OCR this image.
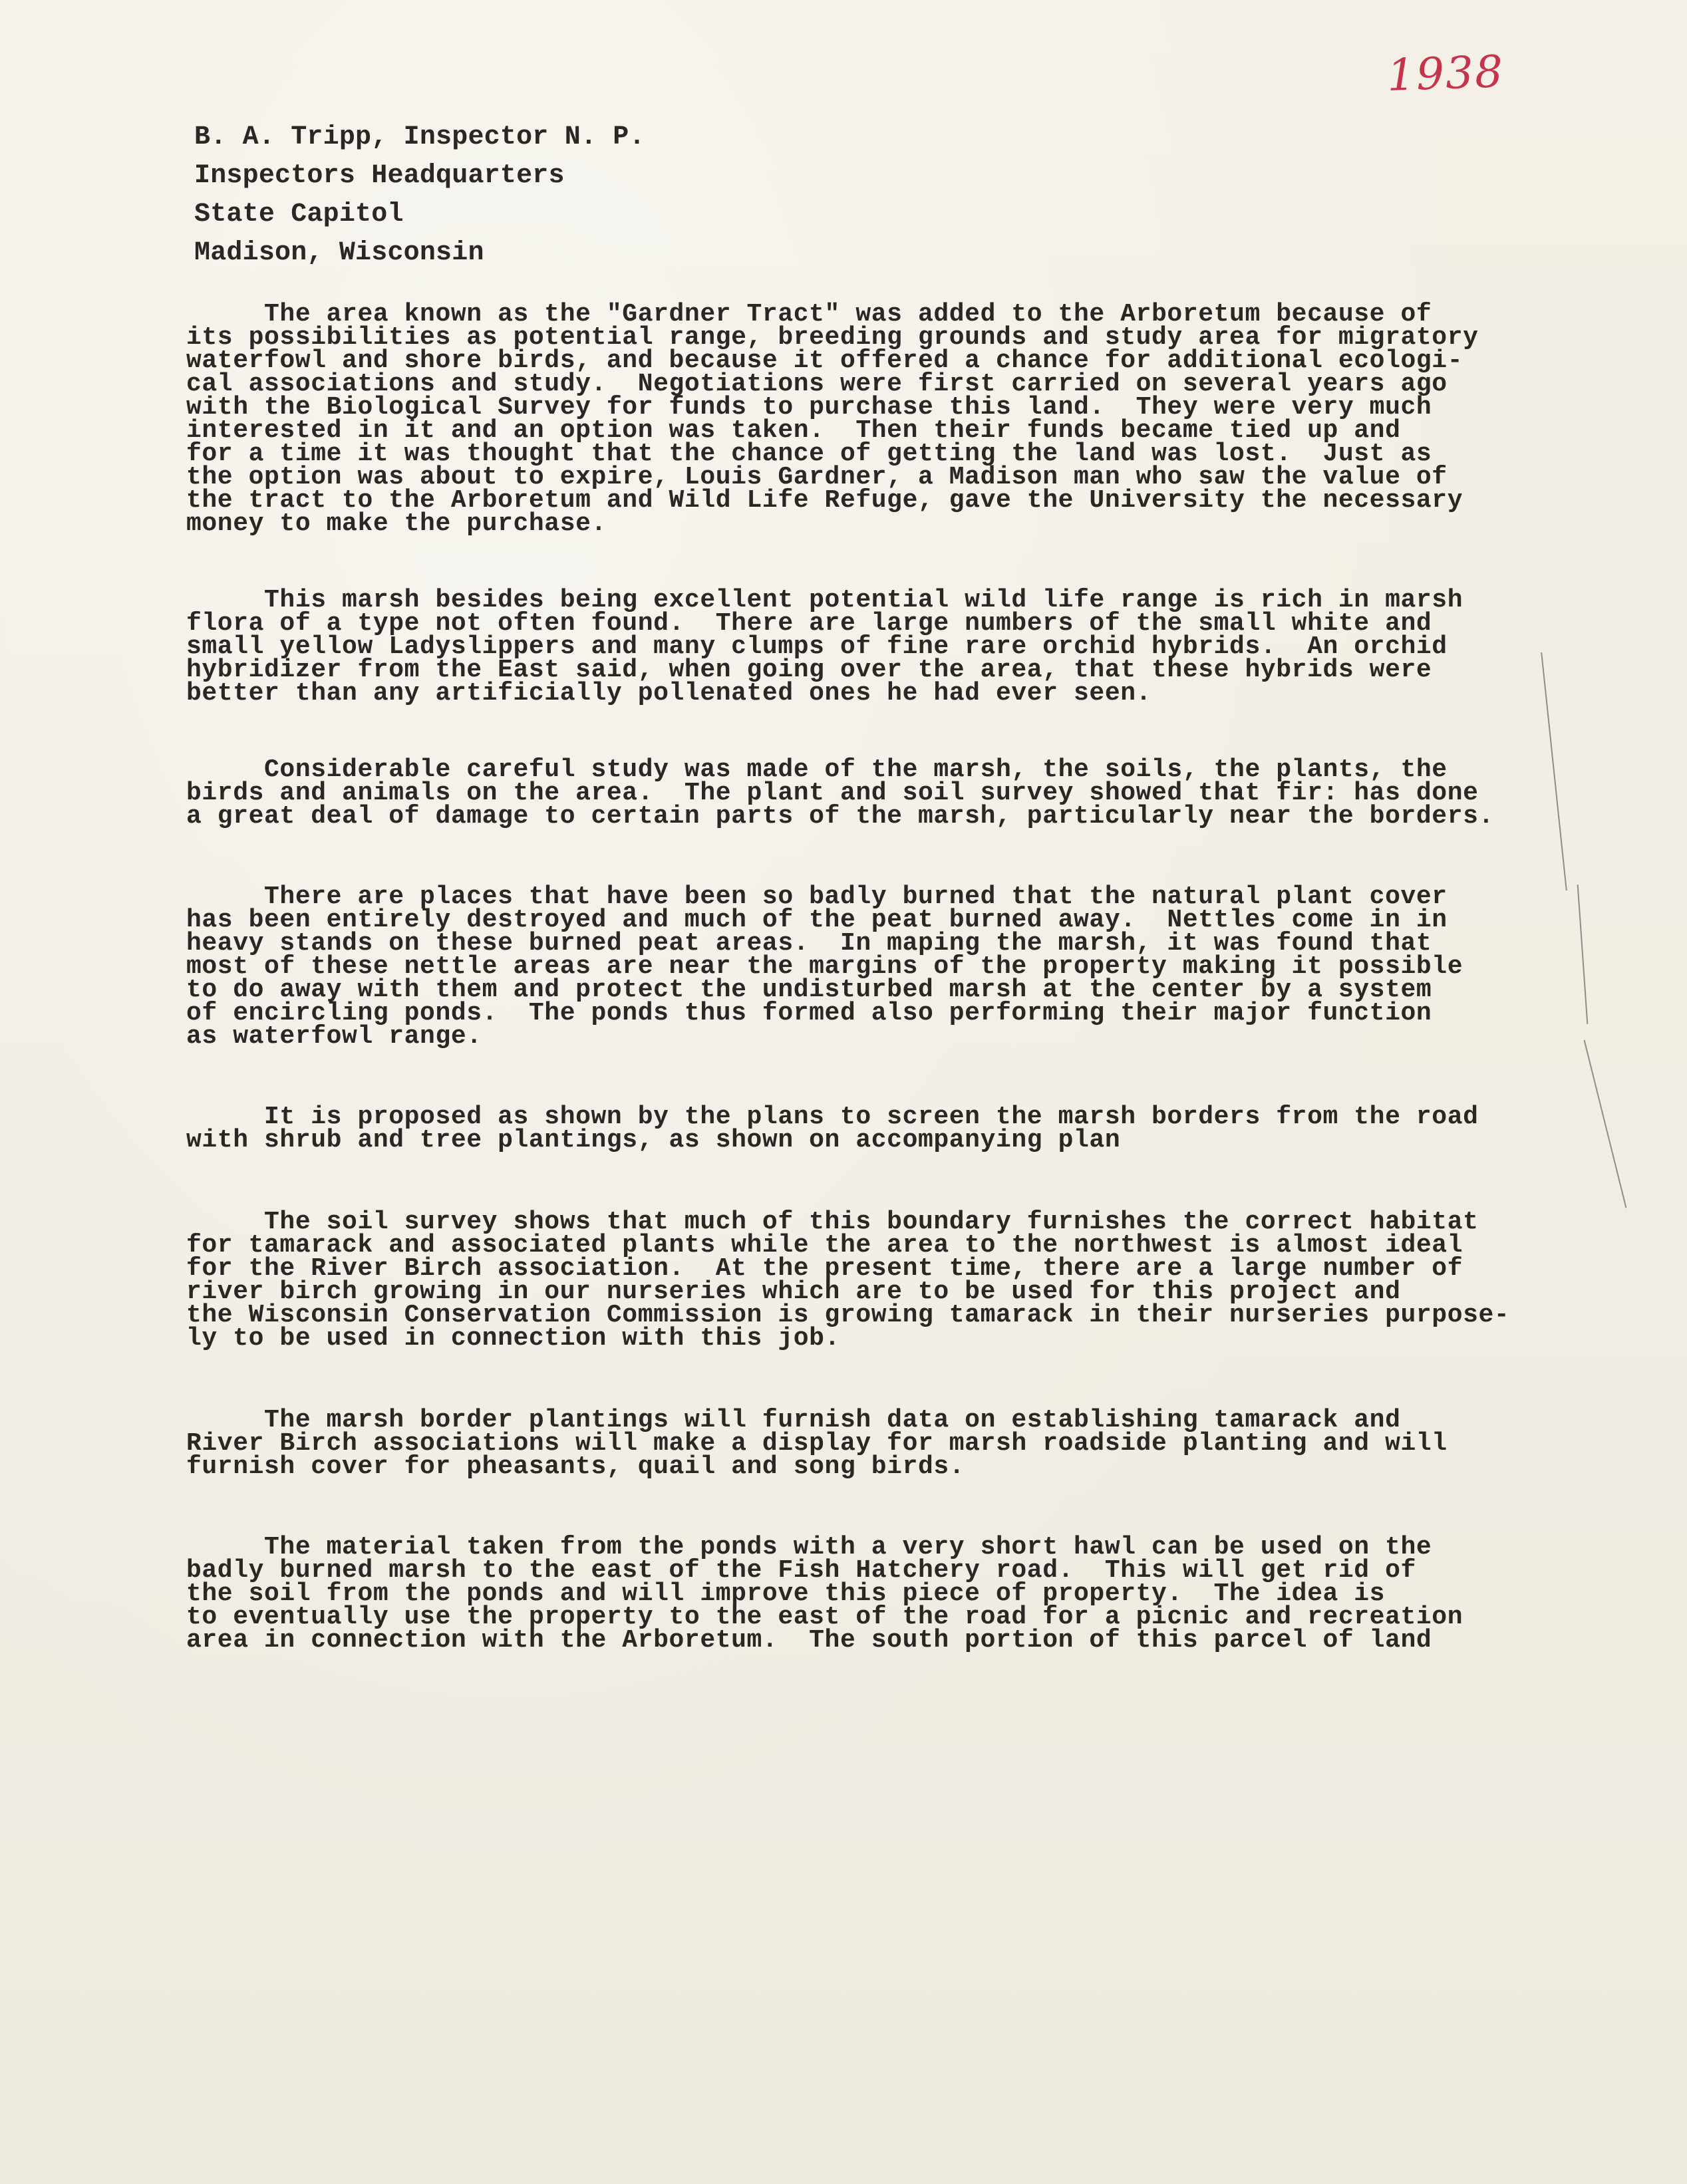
1938
B. A. Tripp, Inspector N. P.
Inspectors Headquarters
State Capitol
Madison, Wisconsin
The area known as the "Gardner Tract" was added to the Arboretum because of
its possibilities as potential range, breeding grounds and study area for migratory
waterfowl and shore birds, and because it offered a chance for additional ecologi-
cal associations and study.  Negotiations were first carried on several years ago
with the Biological Survey for funds to purchase this land.  They were very much
interested in it and an option was taken.  Then their funds became tied up and
for a time it was thought that the chance of getting the land was lost.  Just as
the option was about to expire, Louis Gardner, a Madison man who saw the value of
the tract to the Arboretum and Wild Life Refuge, gave the University the necessary
money to make the purchase.
This marsh besides being excellent potential wild life range is rich in marsh
flora of a type not often found.  There are large numbers of the small white and
small yellow Ladyslippers and many clumps of fine rare orchid hybrids.  An orchid
hybridizer from the East said, when going over the area, that these hybrids were
better than any artificially pollenated ones he had ever seen.
Considerable careful study was made of the marsh, the soils, the plants, the
birds and animals on the area.  The plant and soil survey showed that fir: has done
a great deal of damage to certain parts of the marsh, particularly near the borders.
There are places that have been so badly burned that the natural plant cover
has been entirely destroyed and much of the peat burned away.  Nettles come in in
heavy stands on these burned peat areas.  In maping the marsh, it was found that
most of these nettle areas are near the margins of the property making it possible
to do away with them and protect the undisturbed marsh at the center by a system
of encircling ponds.  The ponds thus formed also performing their major function
as waterfowl range.
It is proposed as shown by the plans to screen the marsh borders from the road
with shrub and tree plantings, as shown on accompanying plan
The soil survey shows that much of this boundary furnishes the correct habitat
for tamarack and associated plants while the area to the northwest is almost ideal
for the River Birch association.  At the present time, there are a large number of
river birch growing in our nurseries which are to be used for this project and
the Wisconsin Conservation Commission is growing tamarack in their nurseries purpose-
ly to be used in connection with this job.
The marsh border plantings will furnish data on establishing tamarack and
River Birch associations will make a display for marsh roadside planting and will
furnish cover for pheasants, quail and song birds.
The material taken from the ponds with a very short hawl can be used on the
badly burned marsh to the east of the Fish Hatchery road.  This will get rid of
the soil from the ponds and will improve this piece of property.  The idea is
to eventually use the property to the east of the road for a picnic and recreation
area in connection with the Arboretum.  The south portion of this parcel of land
